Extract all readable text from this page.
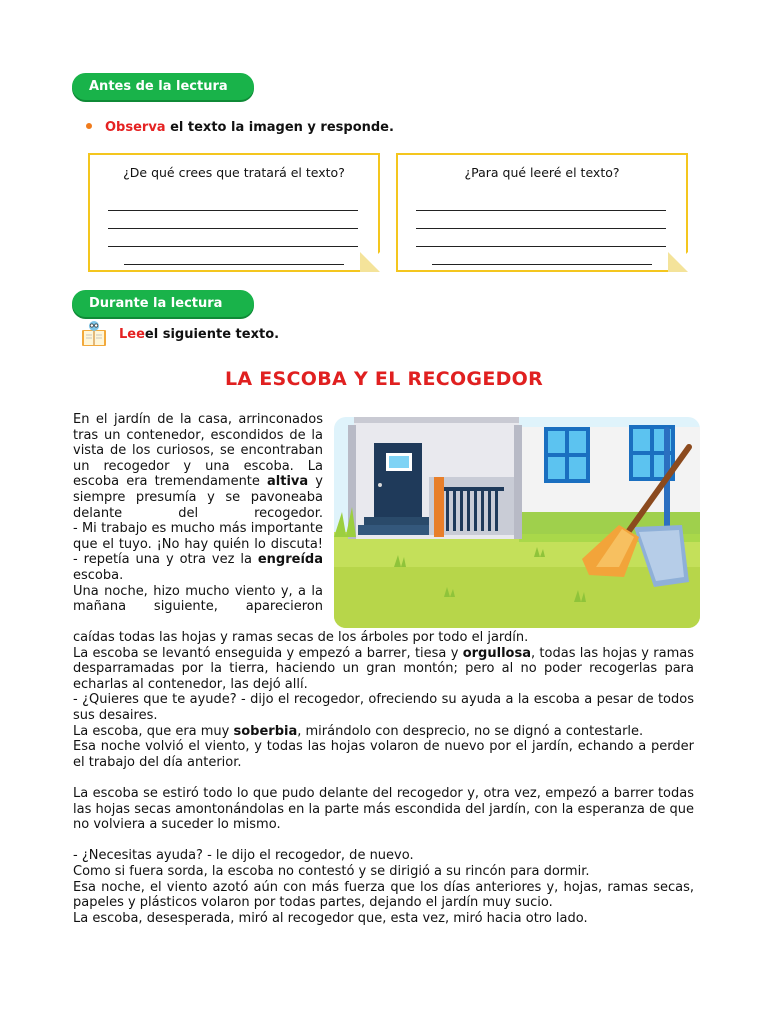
Antes de la lectura
Observa el texto la imagen y responde.
¿De qué crees que tratará el texto?	¿Para qué leeré el texto?
Durante la lectura
Lee el siguiente texto.
LA ESCOBA Y EL RECOGEDOR

En el jardín de la casa, arrinconados tras un contenedor, escondidos de la vista de los curiosos, se encontraban un recogedor y una escoba. La escoba era tremendamente altiva y siempre presumía y se pavoneaba delante del recogedor.

- Mi trabajo es mucho más importante que el tuyo. ¡No hay quién lo discuta! - repetía una y otra vez la engreída escoba.

Una noche, hizo mucho viento y, a la mañana siguiente, aparecieron

caídas todas las hojas y ramas secas de los árboles por todo el jardín.

La escoba se levantó enseguida y empezó a barrer, tiesa y orgullosa, todas las hojas y ramas desparramadas por la tierra, haciendo un gran montón; pero al no poder recogerlas para echarlas al contenedor, las dejó allí.

- ¿Quieres que te ayude? - dijo el recogedor, ofreciendo su ayuda a la escoba a pesar de todos sus desaires.

La escoba, que era muy soberbia, mirándolo con desprecio, no se dignó a contestarle.

Esa noche volvió el viento, y todas las hojas volaron de nuevo por el jardín, echando a perder el trabajo del día anterior.

La escoba se estiró todo lo que pudo delante del recogedor y, otra vez, empezó a barrer todas las hojas secas amontonándolas en la parte más escondida del jardín, con la esperanza de que no volviera a suceder lo mismo.

- ¿Necesitas ayuda? - le dijo el recogedor, de nuevo.

Como si fuera sorda, la escoba no contestó y se dirigió a su rincón para dormir.

Esa noche, el viento azotó aún con más fuerza que los días anteriores y, hojas, ramas secas, papeles y plásticos volaron por todas partes, dejando el jardín muy sucio.

La escoba, desesperada, miró al recogedor que, esta vez, miró hacia otro lado.
